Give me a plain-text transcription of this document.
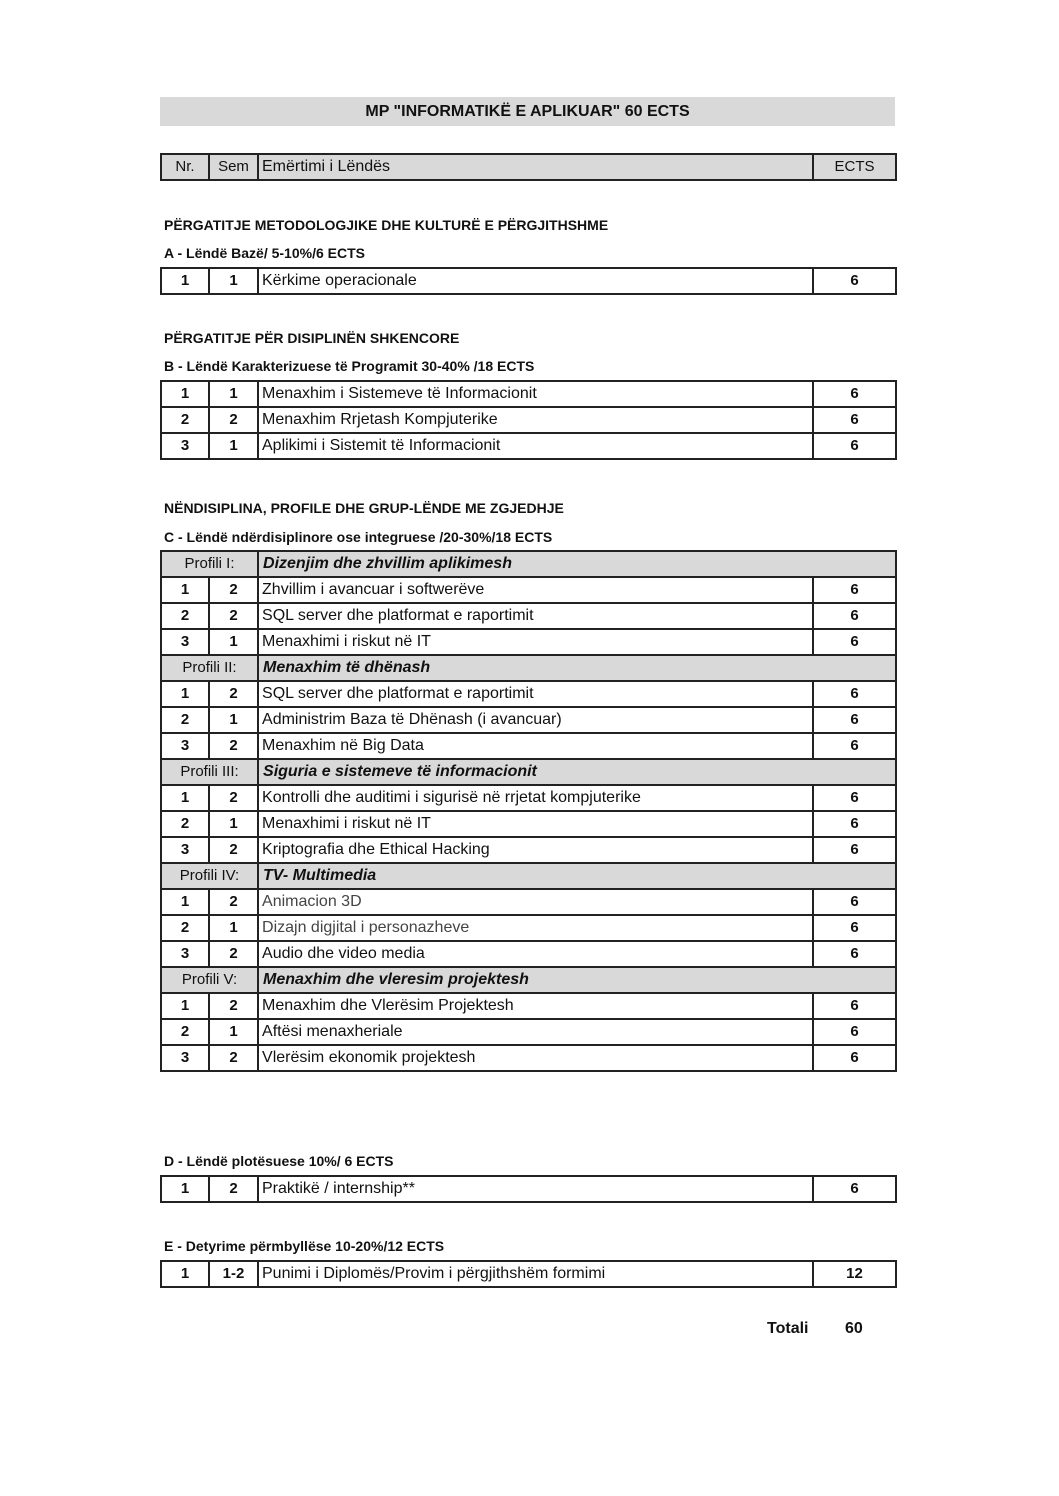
MP "INFORMATIKË E APLIKUAR" 60 ECTS
Nr.	Sem	Emërtimi i Lëndës	ECTS
PËRGATITJE METODOLOGJIKE DHE KULTURË E PËRGJITHSHME
A - Lëndë Bazë/ 5-10%/6 ECTS
1	1	Kërkime operacionale	6
PËRGATITJE PËR DISIPLINËN SHKENCORE
B - Lëndë Karakterizuese të Programit 30-40% /18 ECTS
1	1	Menaxhim i Sistemeve të Informacionit	6
2	2	Menaxhim Rrjetash Kompjuterike	6
3	1	Aplikimi i Sistemit të Informacionit	6
NËNDISIPLINA, PROFILE DHE GRUP-LËNDE ME ZGJEDHJE
C - Lëndë ndërdisiplinore ose integruese /20-30%/18 ECTS
Profili I:		Dizenjim dhe zhvillim aplikimesh	
1	2	Zhvillim i avancuar i softwerëve	6
2	2	SQL server dhe platformat e raportimit	6
3	1	Menaxhimi i riskut në IT	6
Profili II:		Menaxhim të dhënash	
1	2	SQL server dhe platformat e raportimit	6
2	1	Administrim Baza të Dhënash (i avancuar)	6
3	2	Menaxhim në Big Data	6
Profili III:		Siguria e sistemeve të informacionit	
1	2	Kontrolli dhe auditimi i sigurisë në rrjetat kompjuterike	6
2	1	Menaxhimi i riskut në IT	6
3	2	Kriptografia dhe Ethical Hacking	6
Profili IV:		TV- Multimedia	
1	2	Animacion 3D	6
2	1	Dizajn digjital i personazheve	6
3	2	Audio dhe video media	6
Profili V:		Menaxhim dhe vleresim projektesh	
1	2	Menaxhim dhe Vlerësim Projektesh	6
2	1	Aftësi menaxheriale	6
3	2	Vlerësim ekonomik projektesh	6
D - Lëndë plotësuese 10%/ 6 ECTS
1	2	Praktikë / internship**	6
E - Detyrime përmbyllëse 10-20%/12 ECTS
1	1-2	Punimi i Diplomës/Provim i përgjithshëm formimi	12
Totali 60
